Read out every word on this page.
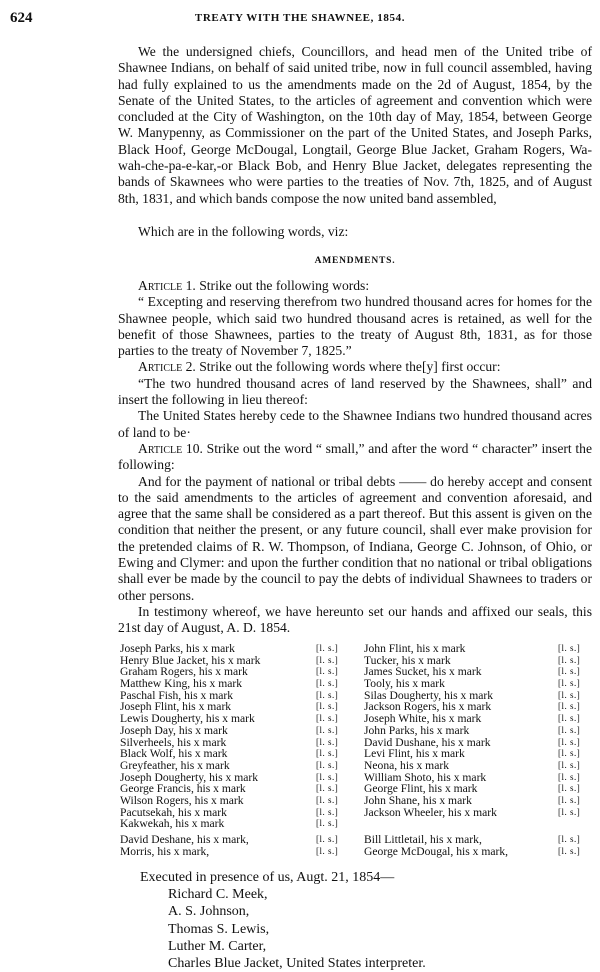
624	TREATY WITH THE SHAWNEE, 1854.

We the undersigned chiefs, Councillors, and head men of the United tribe of Shawnee Indians, on behalf of said united tribe, now in full council assembled, having had fully explained to us the amendments made on the 2d of August, 1854, by the Senate of the United States, to the articles of agreement and convention which were concluded at the City of Washington, on the 10th day of May, 1854, between George W. Manypenny, as Commissioner on the part of the United States, and Joseph Parks, Black Hoof, George McDougal, Longtail, George Blue Jacket, Graham Rogers, Wa-wah-che-pa-e-kar,-or Black Bob, and Henry Blue Jacket, delegates representing the bands of Skawnees who were parties to the treaties of Nov. 7th, 1825, and of August 8th, 1831, and which bands compose the now united band assembled,

Which are in the following words, viz:

AMENDMENTS.

Article 1. Strike out the following words:

“ Excepting and reserving therefrom two hundred thousand acres for homes for the Shawnee people, which said two hundred thousand acres is retained, as well for the benefit of those Shawnees, parties to the treaty of August 8th, 1831, as for those parties to the treaty of November 7, 1825.”

Article 2. Strike out the following words where the[y] first occur:

“The two hundred thousand acres of land reserved by the Shawnees, shall” and insert the following in lieu thereof:

The United States hereby cede to the Shawnee Indians two hundred thousand acres of land to be·

Article 10. Strike out the word “ small,” and after the word “ character” insert the following:

And for the payment of national or tribal debts —— do hereby accept and consent to the said amendments to the articles of agreement and convention aforesaid, and agree that the same shall be considered as a part thereof. But this assent is given on the condition that neither the present, or any future council, shall ever make provision for the pretended claims of R. W. Thompson, of Indiana, George C. Johnson, of Ohio, or Ewing and Clymer: and upon the further condition that no national or tribal obligations shall ever be made by the council to pay the debts of individual Shawnees to traders or other persons.

In testimony whereof, we have hereunto set our hands and affixed our seals, this 21st day of August, A. D. 1854.

Joseph Parks, his x mark	[l. s.] John Flint, his x mark	[l. s.]
Henry Blue Jacket, his x mark	[l. s.] Tucker, his x mark	[l. s.]
Graham Rogers, his x mark	[l. s.] James Sucket, his x mark	[l. s.]
Matthew King, his x mark	[l. s.] Tooly, his x mark	[l. s.]
Paschal Fish, his x mark	[l. s.] Silas Dougherty, his x mark	[l. s.]
Joseph Flint, his x mark	[l. s.] Jackson Rogers, his x mark	[l. s.]
Lewis Dougherty, his x mark	[l. s.] Joseph White, his x mark	[l. s.]
Joseph Day, his x mark	[l. s.] John Parks, his x mark	[l. s.]
Silverheels, his x mark	[l. s.] David Dushane, his x mark	[l. s.]
Black Wolf, his x mark	[l. s.] Levi Flint, his x mark	[l. s.]
Greyfeather, his x mark	[l. s.] Neona, his x mark	[l. s.]
Joseph Dougherty, his x mark	[l. s.] William Shoto, his x mark	[l. s.]
George Francis, his x mark	[l. s.] George Flint, his x mark	[l. s.]
Wilson Rogers, his x mark	[l. s.] John Shane, his x mark	[l. s.]
Pacutsekah, his x mark	[l. s.] Jackson Wheeler, his x mark	[l. s.]
Kakwekah, his x mark	[l. s.]
David Deshane, his x mark,	[l. s.] Bill Littletail, his x mark,	[l. s.]
Morris, his x mark,	[l. s.] George McDougal, his x mark,	[l. s.]

Executed in presence of us, Augt. 21, 1854—

Richard C. Meek,

A. S. Johnson,

Thomas S. Lewis,

Luther M. Carter,

Charles Blue Jacket, United States interpreter.
